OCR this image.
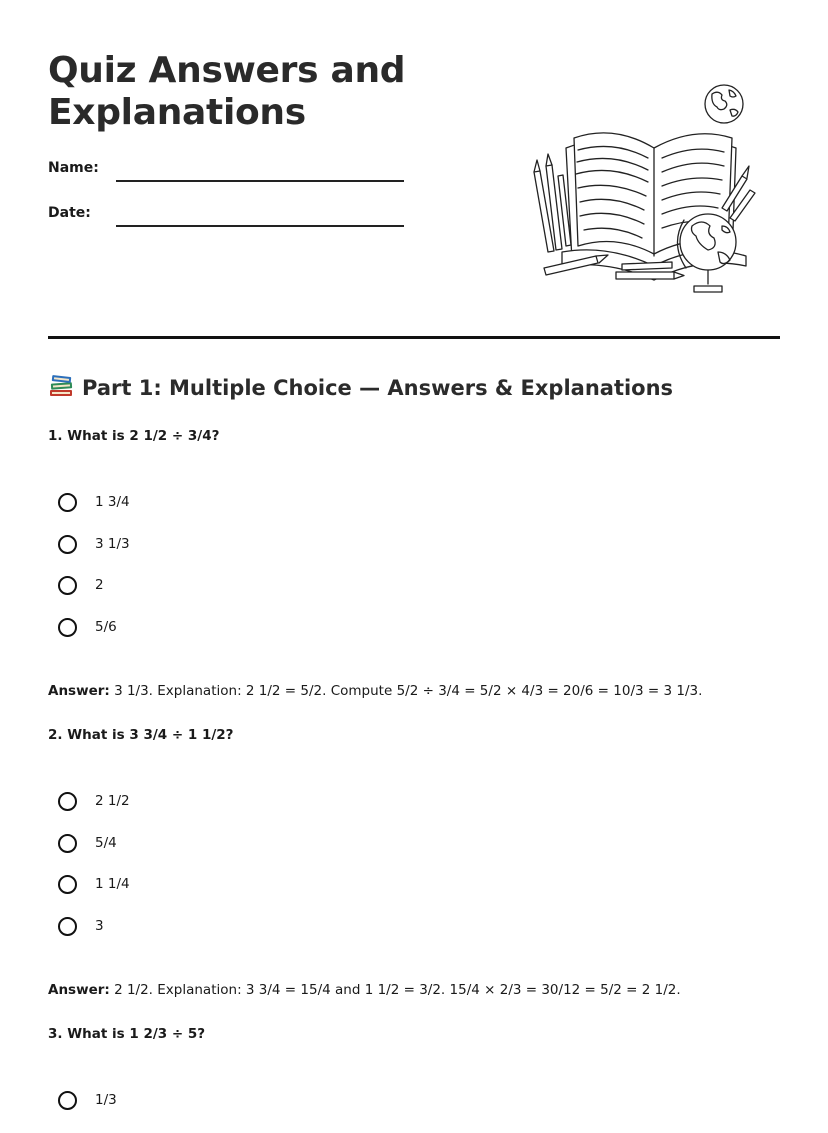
Quiz Answers and
Explanations
Name:
Date:
Part 1: Multiple Choice — Answers & Explanations

1. What is 2 1/2 ÷ 3/4?

1 3/4
3 1/3
2
5/6

Answer: 3 1/3. Explanation: 2 1/2 = 5/2. Compute 5/2 ÷ 3/4 = 5/2 × 4/3 = 20/6 = 10/3 = 3 1/3.

2. What is 3 3/4 ÷ 1 1/2?

2 1/2
5/4
1 1/4
3

Answer: 2 1/2. Explanation: 3 3/4 = 15/4 and 1 1/2 = 3/2. 15/4 × 2/3 = 30/12 = 5/2 = 2 1/2.

3. What is 1 2/3 ÷ 5?

1/3
